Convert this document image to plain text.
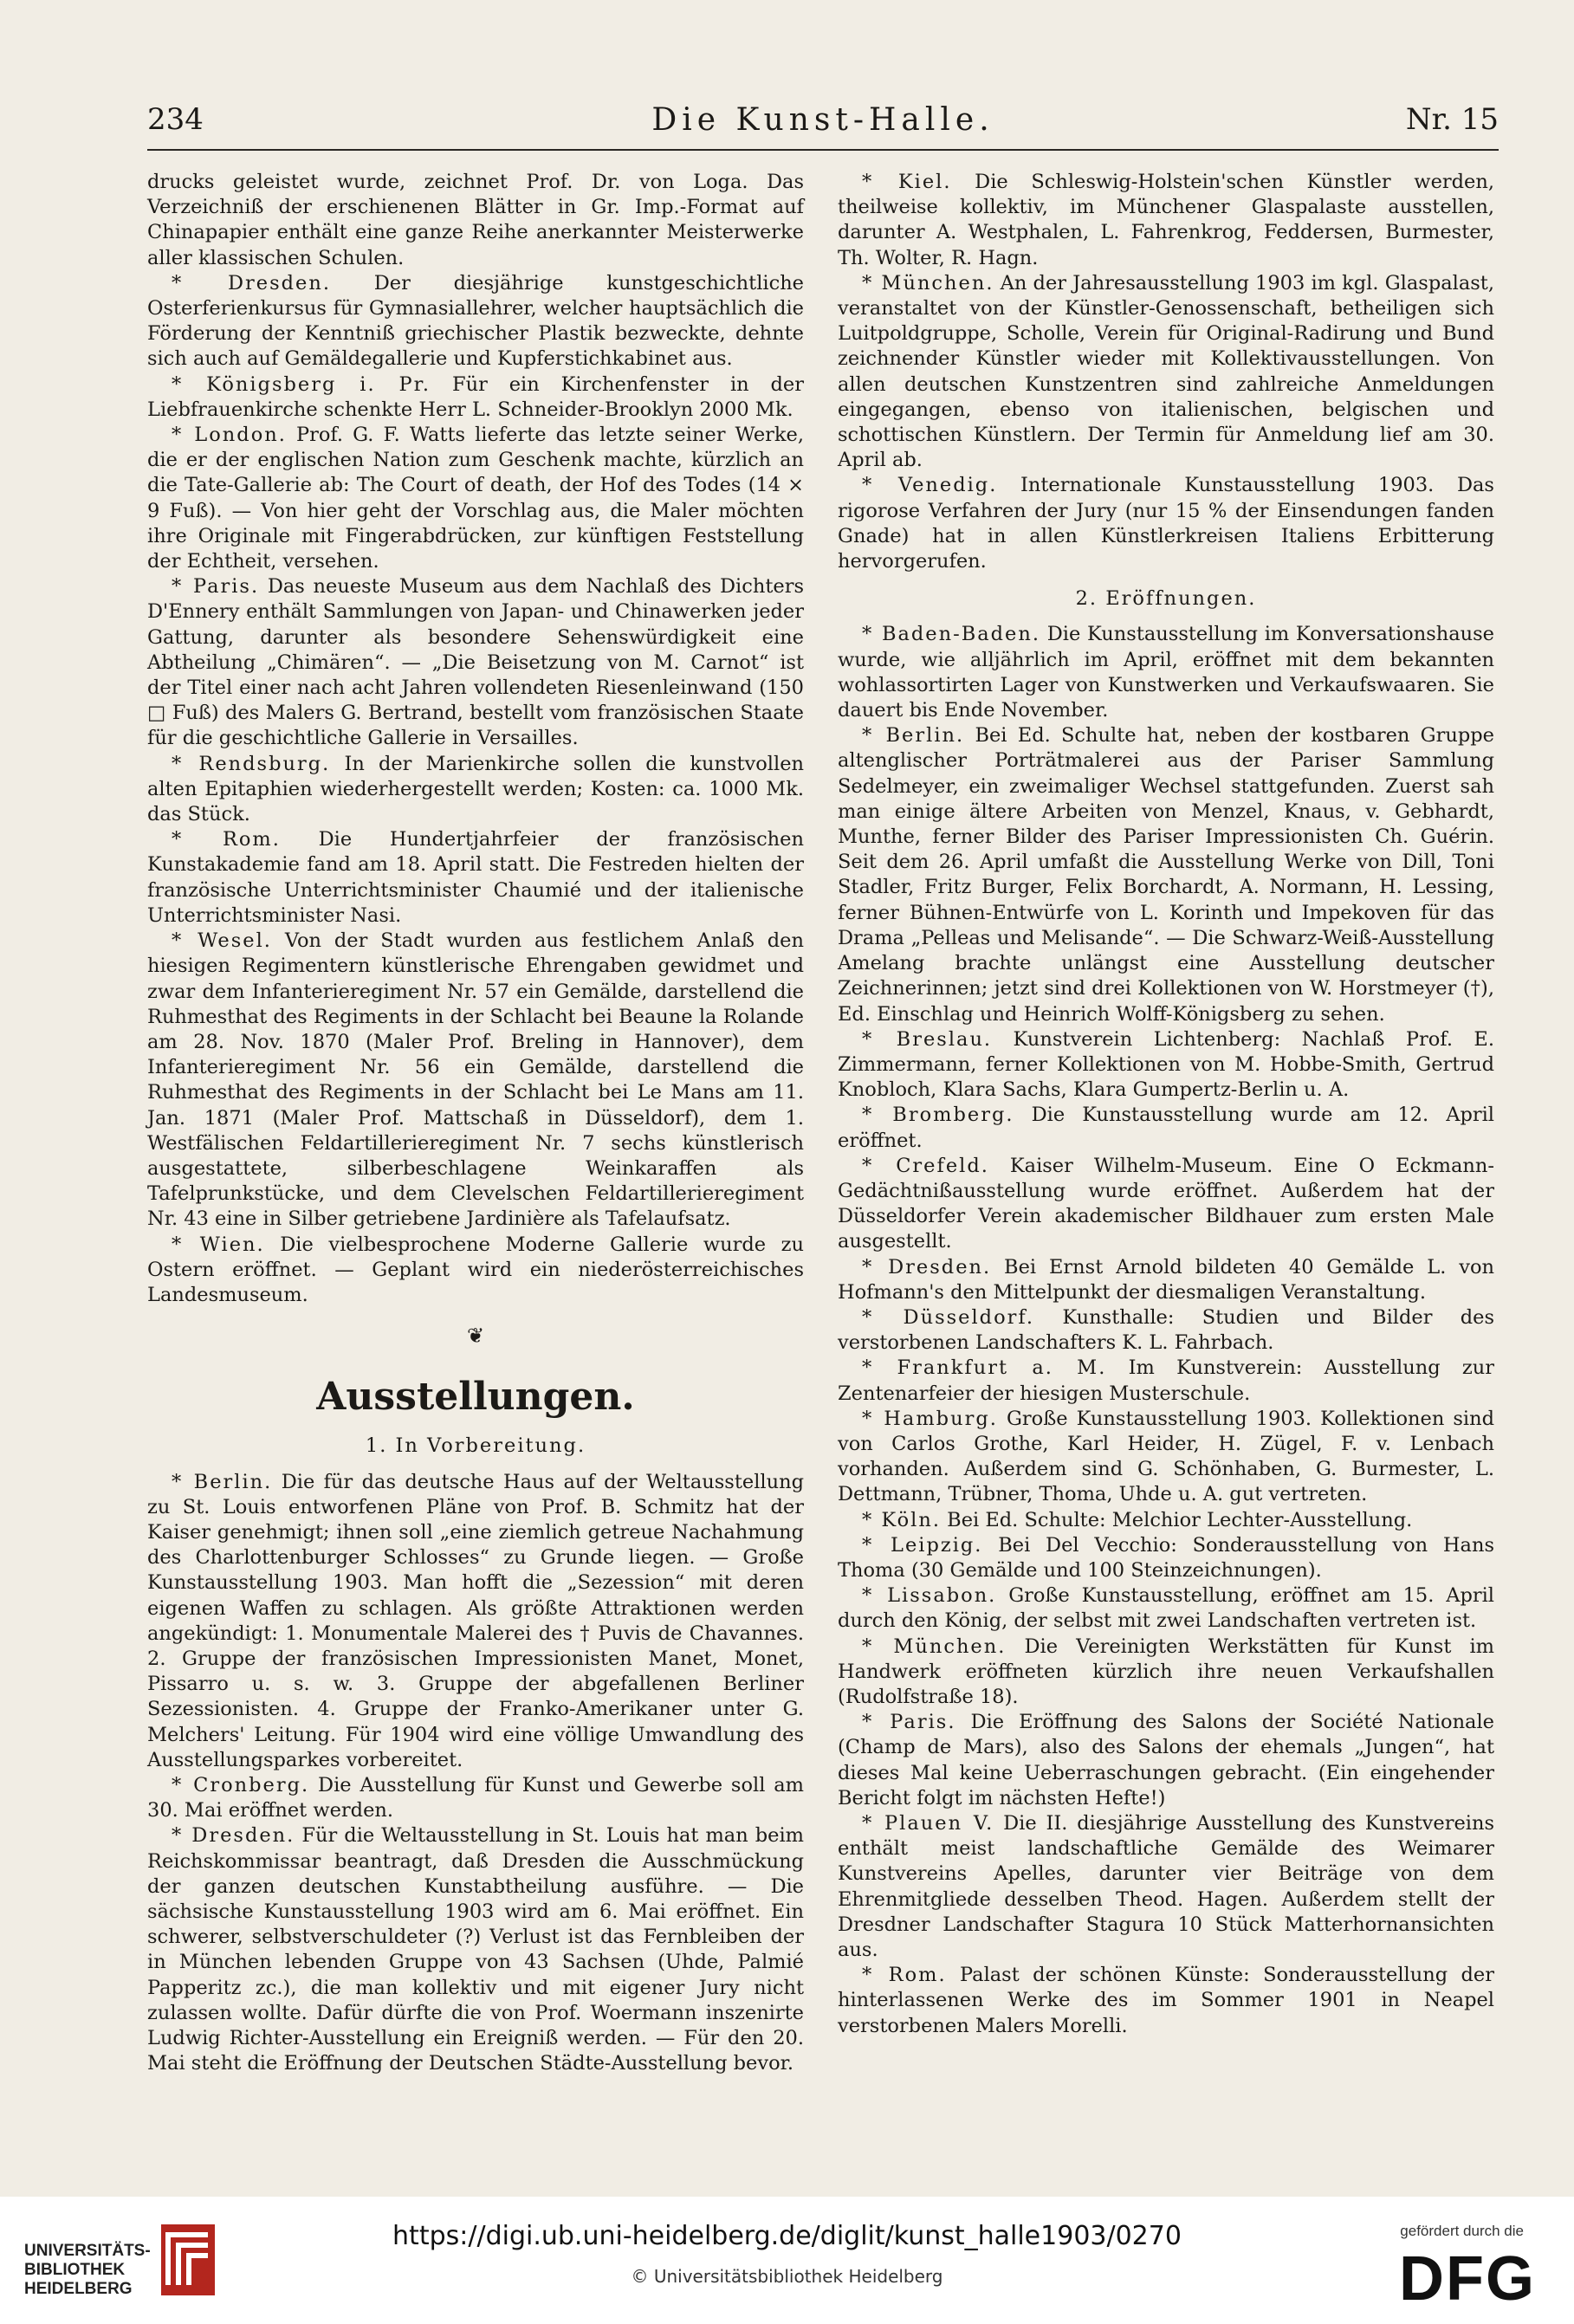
234	Die Kunst-Halle.	Nr. 15

drucks geleistet wurde, zeichnet Prof. Dr. von Loga. Das Verzeichniß der erschienenen Blätter in Gr. Imp.-Format auf Chinapapier enthält eine ganze Reihe anerkannter Meisterwerke aller klassischen Schulen.

* Dresden. Der diesjährige kunstgeschichtliche Osterferienkursus für Gymnasiallehrer, welcher hauptsächlich die Förderung der Kenntniß griechischer Plastik bezweckte, dehnte sich auch auf Gemäldegallerie und Kupferstichkabinet aus.

* Königsberg i. Pr. Für ein Kirchenfenster in der Liebfrauenkirche schenkte Herr L. Schneider-Brooklyn 2000 Mk.

* London. Prof. G. F. Watts lieferte das letzte seiner Werke, die er der englischen Nation zum Geschenk machte, kürzlich an die Tate-Gallerie ab: The Court of death, der Hof des Todes (14 × 9 Fuß). — Von hier geht der Vorschlag aus, die Maler möchten ihre Originale mit Fingerabdrücken, zur künftigen Feststellung der Echtheit, versehen.

* Paris. Das neueste Museum aus dem Nachlaß des Dichters D'Ennery enthält Sammlungen von Japan- und Chinawerken jeder Gattung, darunter als besondere Sehenswürdigkeit eine Abtheilung „Chimären“. — „Die Beisetzung von M. Carnot“ ist der Titel einer nach acht Jahren vollendeten Riesenleinwand (150 □ Fuß) des Malers G. Bertrand, bestellt vom französischen Staate für die geschichtliche Gallerie in Versailles.

* Rendsburg. In der Marienkirche sollen die kunstvollen alten Epitaphien wiederhergestellt werden; Kosten: ca. 1000 Mk. das Stück.

* Rom. Die Hundertjahrfeier der französischen Kunstakademie fand am 18. April statt. Die Festreden hielten der französische Unterrichtsminister Chaumié und der italienische Unterrichtsminister Nasi.

* Wesel. Von der Stadt wurden aus festlichem Anlaß den hiesigen Regimentern künstlerische Ehrengaben gewidmet und zwar dem Infanterieregiment Nr. 57 ein Gemälde, darstellend die Ruhmesthat des Regiments in der Schlacht bei Beaune la Rolande am 28. Nov. 1870 (Maler Prof. Breling in Hannover), dem Infanterieregiment Nr. 56 ein Gemälde, darstellend die Ruhmesthat des Regiments in der Schlacht bei Le Mans am 11. Jan. 1871 (Maler Prof. Mattschaß in Düsseldorf), dem 1. Westfälischen Feldartillerieregiment Nr. 7 sechs künstlerisch ausgestattete, silberbeschlagene Weinkaraffen als Tafelprunkstücke, und dem Clevelschen Feldartillerieregiment Nr. 43 eine in Silber getriebene Jardinière als Tafelaufsatz.

* Wien. Die vielbesprochene Moderne Gallerie wurde zu Ostern eröffnet. — Geplant wird ein niederösterreichisches Landesmuseum.

❦
Ausstellungen.
1. In Vorbereitung.

* Berlin. Die für das deutsche Haus auf der Weltausstellung zu St. Louis entworfenen Pläne von Prof. B. Schmitz hat der Kaiser genehmigt; ihnen soll „eine ziemlich getreue Nachahmung des Charlottenburger Schlosses“ zu Grunde liegen. — Große Kunstausstellung 1903. Man hofft die „Sezession“ mit deren eigenen Waffen zu schlagen. Als größte Attraktionen werden angekündigt: 1. Monumentale Malerei des † Puvis de Chavannes. 2. Gruppe der französischen Impressionisten Manet, Monet, Pissarro u. s. w. 3. Gruppe der abgefallenen Berliner Sezessionisten. 4. Gruppe der Franko-Amerikaner unter G. Melchers' Leitung. Für 1904 wird eine völlige Umwandlung des Ausstellungsparkes vorbereitet.

* Cronberg. Die Ausstellung für Kunst und Gewerbe soll am 30. Mai eröffnet werden.

* Dresden. Für die Weltausstellung in St. Louis hat man beim Reichskommissar beantragt, daß Dresden die Ausschmückung der ganzen deutschen Kunstabtheilung ausführe. — Die sächsische Kunstausstellung 1903 wird am 6. Mai eröffnet. Ein schwerer, selbstverschuldeter (?) Verlust ist das Fernbleiben der in München lebenden Gruppe von 43 Sachsen (Uhde, Palmié Papperitz zc.), die man kollektiv und mit eigener Jury nicht zulassen wollte. Dafür dürfte die von Prof. Woermann inszenirte Ludwig Richter-Ausstellung ein Ereigniß werden. — Für den 20. Mai steht die Eröffnung der Deutschen Städte-Ausstellung bevor.

* Kiel. Die Schleswig-Holstein'schen Künstler werden, theilweise kollektiv, im Münchener Glaspalaste ausstellen, darunter A. Westphalen, L. Fahrenkrog, Feddersen, Burmester, Th. Wolter, R. Hagn.

* München. An der Jahresausstellung 1903 im kgl. Glaspalast, veranstaltet von der Künstler-Genossenschaft, betheiligen sich Luitpoldgruppe, Scholle, Verein für Original-Radirung und Bund zeichnender Künstler wieder mit Kollektivausstellungen. Von allen deutschen Kunstzentren sind zahlreiche Anmeldungen eingegangen, ebenso von italienischen, belgischen und schottischen Künstlern. Der Termin für Anmeldung lief am 30. April ab.

* Venedig. Internationale Kunstausstellung 1903. Das rigorose Verfahren der Jury (nur 15 % der Einsendungen fanden Gnade) hat in allen Künstlerkreisen Italiens Erbitterung hervorgerufen.

2. Eröffnungen.

* Baden-Baden. Die Kunstausstellung im Konversationshause wurde, wie alljährlich im April, eröffnet mit dem bekannten wohlassortirten Lager von Kunstwerken und Verkaufswaaren. Sie dauert bis Ende November.

* Berlin. Bei Ed. Schulte hat, neben der kostbaren Gruppe altenglischer Porträtmalerei aus der Pariser Sammlung Sedelmeyer, ein zweimaliger Wechsel stattgefunden. Zuerst sah man einige ältere Arbeiten von Menzel, Knaus, v. Gebhardt, Munthe, ferner Bilder des Pariser Impressionisten Ch. Guérin. Seit dem 26. April umfaßt die Ausstellung Werke von Dill, Toni Stadler, Fritz Burger, Felix Borchardt, A. Normann, H. Lessing, ferner Bühnen-Entwürfe von L. Korinth und Impekoven für das Drama „Pelleas und Melisande“. — Die Schwarz-Weiß-Ausstellung Amelang brachte unlängst eine Ausstellung deutscher Zeichnerinnen; jetzt sind drei Kollektionen von W. Horstmeyer (†), Ed. Einschlag und Heinrich Wolff-Königsberg zu sehen.

* Breslau. Kunstverein Lichtenberg: Nachlaß Prof. E. Zimmermann, ferner Kollektionen von M. Hobbe-Smith, Gertrud Knobloch, Klara Sachs, Klara Gumpertz-Berlin u. A.

* Bromberg. Die Kunstausstellung wurde am 12. April eröffnet.

* Crefeld. Kaiser Wilhelm-Museum. Eine O Eckmann-Gedächtnißausstellung wurde eröffnet. Außerdem hat der Düsseldorfer Verein akademischer Bildhauer zum ersten Male ausgestellt.

* Dresden. Bei Ernst Arnold bildeten 40 Gemälde L. von Hofmann's den Mittelpunkt der diesmaligen Veranstaltung.

* Düsseldorf. Kunsthalle: Studien und Bilder des verstorbenen Landschafters K. L. Fahrbach.

* Frankfurt a. M. Im Kunstverein: Ausstellung zur Zentenarfeier der hiesigen Musterschule.

* Hamburg. Große Kunstausstellung 1903. Kollektionen sind von Carlos Grothe, Karl Heider, H. Zügel, F. v. Lenbach vorhanden. Außerdem sind G. Schönhaben, G. Burmester, L. Dettmann, Trübner, Thoma, Uhde u. A. gut vertreten.

* Köln. Bei Ed. Schulte: Melchior Lechter-Ausstellung.

* Leipzig. Bei Del Vecchio: Sonderausstellung von Hans Thoma (30 Gemälde und 100 Steinzeichnungen).

* Lissabon. Große Kunstausstellung, eröffnet am 15. April durch den König, der selbst mit zwei Landschaften vertreten ist.

* München. Die Vereinigten Werkstätten für Kunst im Handwerk eröffneten kürzlich ihre neuen Verkaufshallen (Rudolfstraße 18).

* Paris. Die Eröffnung des Salons der Société Nationale (Champ de Mars), also des Salons der ehemals „Jungen“, hat dieses Mal keine Ueberraschungen gebracht. (Ein eingehender Bericht folgt im nächsten Hefte!)

* Plauen V. Die II. diesjährige Ausstellung des Kunstvereins enthält meist landschaftliche Gemälde des Weimarer Kunstvereins Apelles, darunter vier Beiträge von dem Ehrenmitgliede desselben Theod. Hagen. Außerdem stellt der Dresdner Landschafter Stagura 10 Stück Matterhornansichten aus.

* Rom. Palast der schönen Künste: Sonderausstellung der hinterlassenen Werke des im Sommer 1901 in Neapel verstorbenen Malers Morelli.

UNIVERSITÄTS-
BIBLIOTHEK
HEIDELBERG
https://digi.ub.uni-heidelberg.de/diglit/kunst_halle1903/0270
© Universitätsbibliothek Heidelberg
gefördert durch die
DFG
